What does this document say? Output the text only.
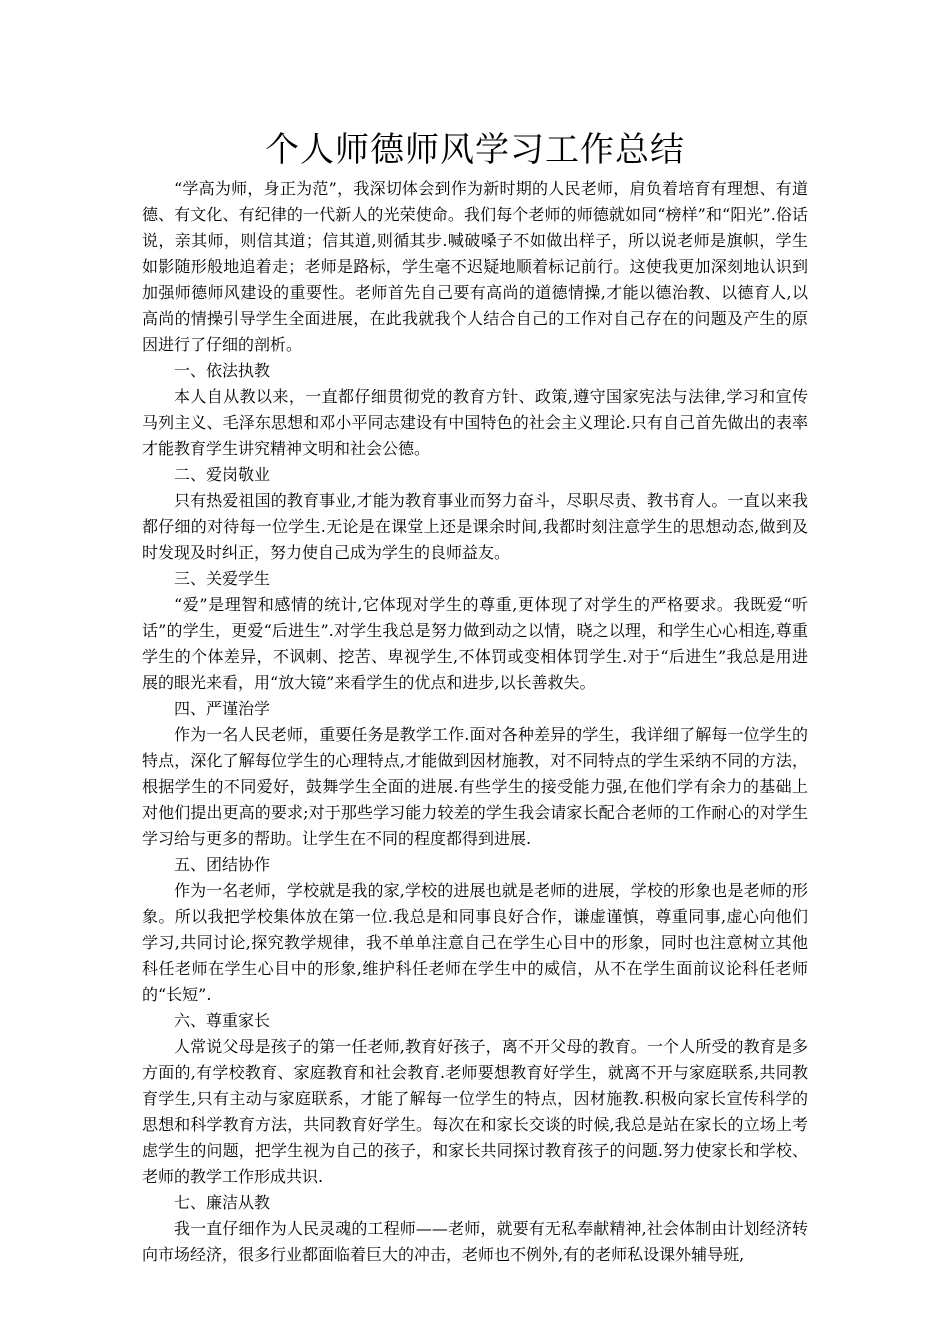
个人师德师风学习工作总结

“学高为师，身正为范”，我深切体会到作为新时期的人民老师，肩负着培育有理想、有道德、有文化、有纪律的一代新人的光荣使命。我们每个老师的师德就如同“榜样”和“阳光”.俗话说，亲其师，则信其道；信其道,则循其步.喊破嗓子不如做出样子，所以说老师是旗帜，学生如影随形般地追着走；老师是路标，学生毫不迟疑地顺着标记前行。这使我更加深刻地认识到加强师德师风建设的重要性。老师首先自己要有高尚的道德情操,才能以德治教、以德育人,以高尚的情操引导学生全面进展，在此我就我个人结合自己的工作对自己存在的问题及产生的原因进行了仔细的剖析。

一、依法执教

本人自从教以来，一直都仔细贯彻党的教育方针、政策,遵守国家宪法与法律,学习和宣传马列主义、毛泽东思想和邓小平同志建设有中国特色的社会主义理论.只有自己首先做出的表率才能教育学生讲究精神文明和社会公德。

二、爱岗敬业

只有热爱祖国的教育事业,才能为教育事业而努力奋斗，尽职尽责、教书育人。一直以来我都仔细的对待每一位学生.无论是在课堂上还是课余时间,我都时刻注意学生的思想动态,做到及时发现及时纠正，努力使自己成为学生的良师益友。

三、关爱学生

“爱”是理智和感情的统计,它体现对学生的尊重,更体现了对学生的严格要求。我既爱“听话”的学生，更爱“后进生”.对学生我总是努力做到动之以情，晓之以理，和学生心心相连,尊重学生的个体差异，不讽刺、挖苦、卑视学生,不体罚或变相体罚学生.对于“后进生”我总是用进展的眼光来看，用“放大镜”来看学生的优点和进步,以长善救失。

四、严谨治学

作为一名人民老师，重要任务是教学工作.面对各种差异的学生，我详细了解每一位学生的特点，深化了解每位学生的心理特点,才能做到因材施教，对不同特点的学生采纳不同的方法，根据学生的不同爱好，鼓舞学生全面的进展.有些学生的接受能力强,在他们学有余力的基础上对他们提出更高的要求;对于那些学习能力较差的学生我会请家长配合老师的工作耐心的对学生学习给与更多的帮助。让学生在不同的程度都得到进展.

五、团结协作

作为一名老师，学校就是我的家,学校的进展也就是老师的进展，学校的形象也是老师的形象。所以我把学校集体放在第一位.我总是和同事良好合作，谦虚谨慎，尊重同事,虚心向他们学习,共同讨论,探究教学规律，我不单单注意自己在学生心目中的形象，同时也注意树立其他科任老师在学生心目中的形象,维护科任老师在学生中的威信，从不在学生面前议论科任老师的“长短”.

六、尊重家长

人常说父母是孩子的第一任老师,教育好孩子，离不开父母的教育。一个人所受的教育是多方面的,有学校教育、家庭教育和社会教育.老师要想教育好学生，就离不开与家庭联系,共同教育学生,只有主动与家庭联系，才能了解每一位学生的特点，因材施教.积极向家长宣传科学的思想和科学教育方法，共同教育好学生。每次在和家长交谈的时候,我总是站在家长的立场上考虑学生的问题，把学生视为自己的孩子，和家长共同探讨教育孩子的问题.努力使家长和学校、老师的教学工作形成共识.

七、廉洁从教

我一直仔细作为人民灵魂的工程师——老师，就要有无私奉献精神,社会体制由计划经济转向市场经济，很多行业都面临着巨大的冲击，老师也不例外,有的老师私设课外辅导班,
